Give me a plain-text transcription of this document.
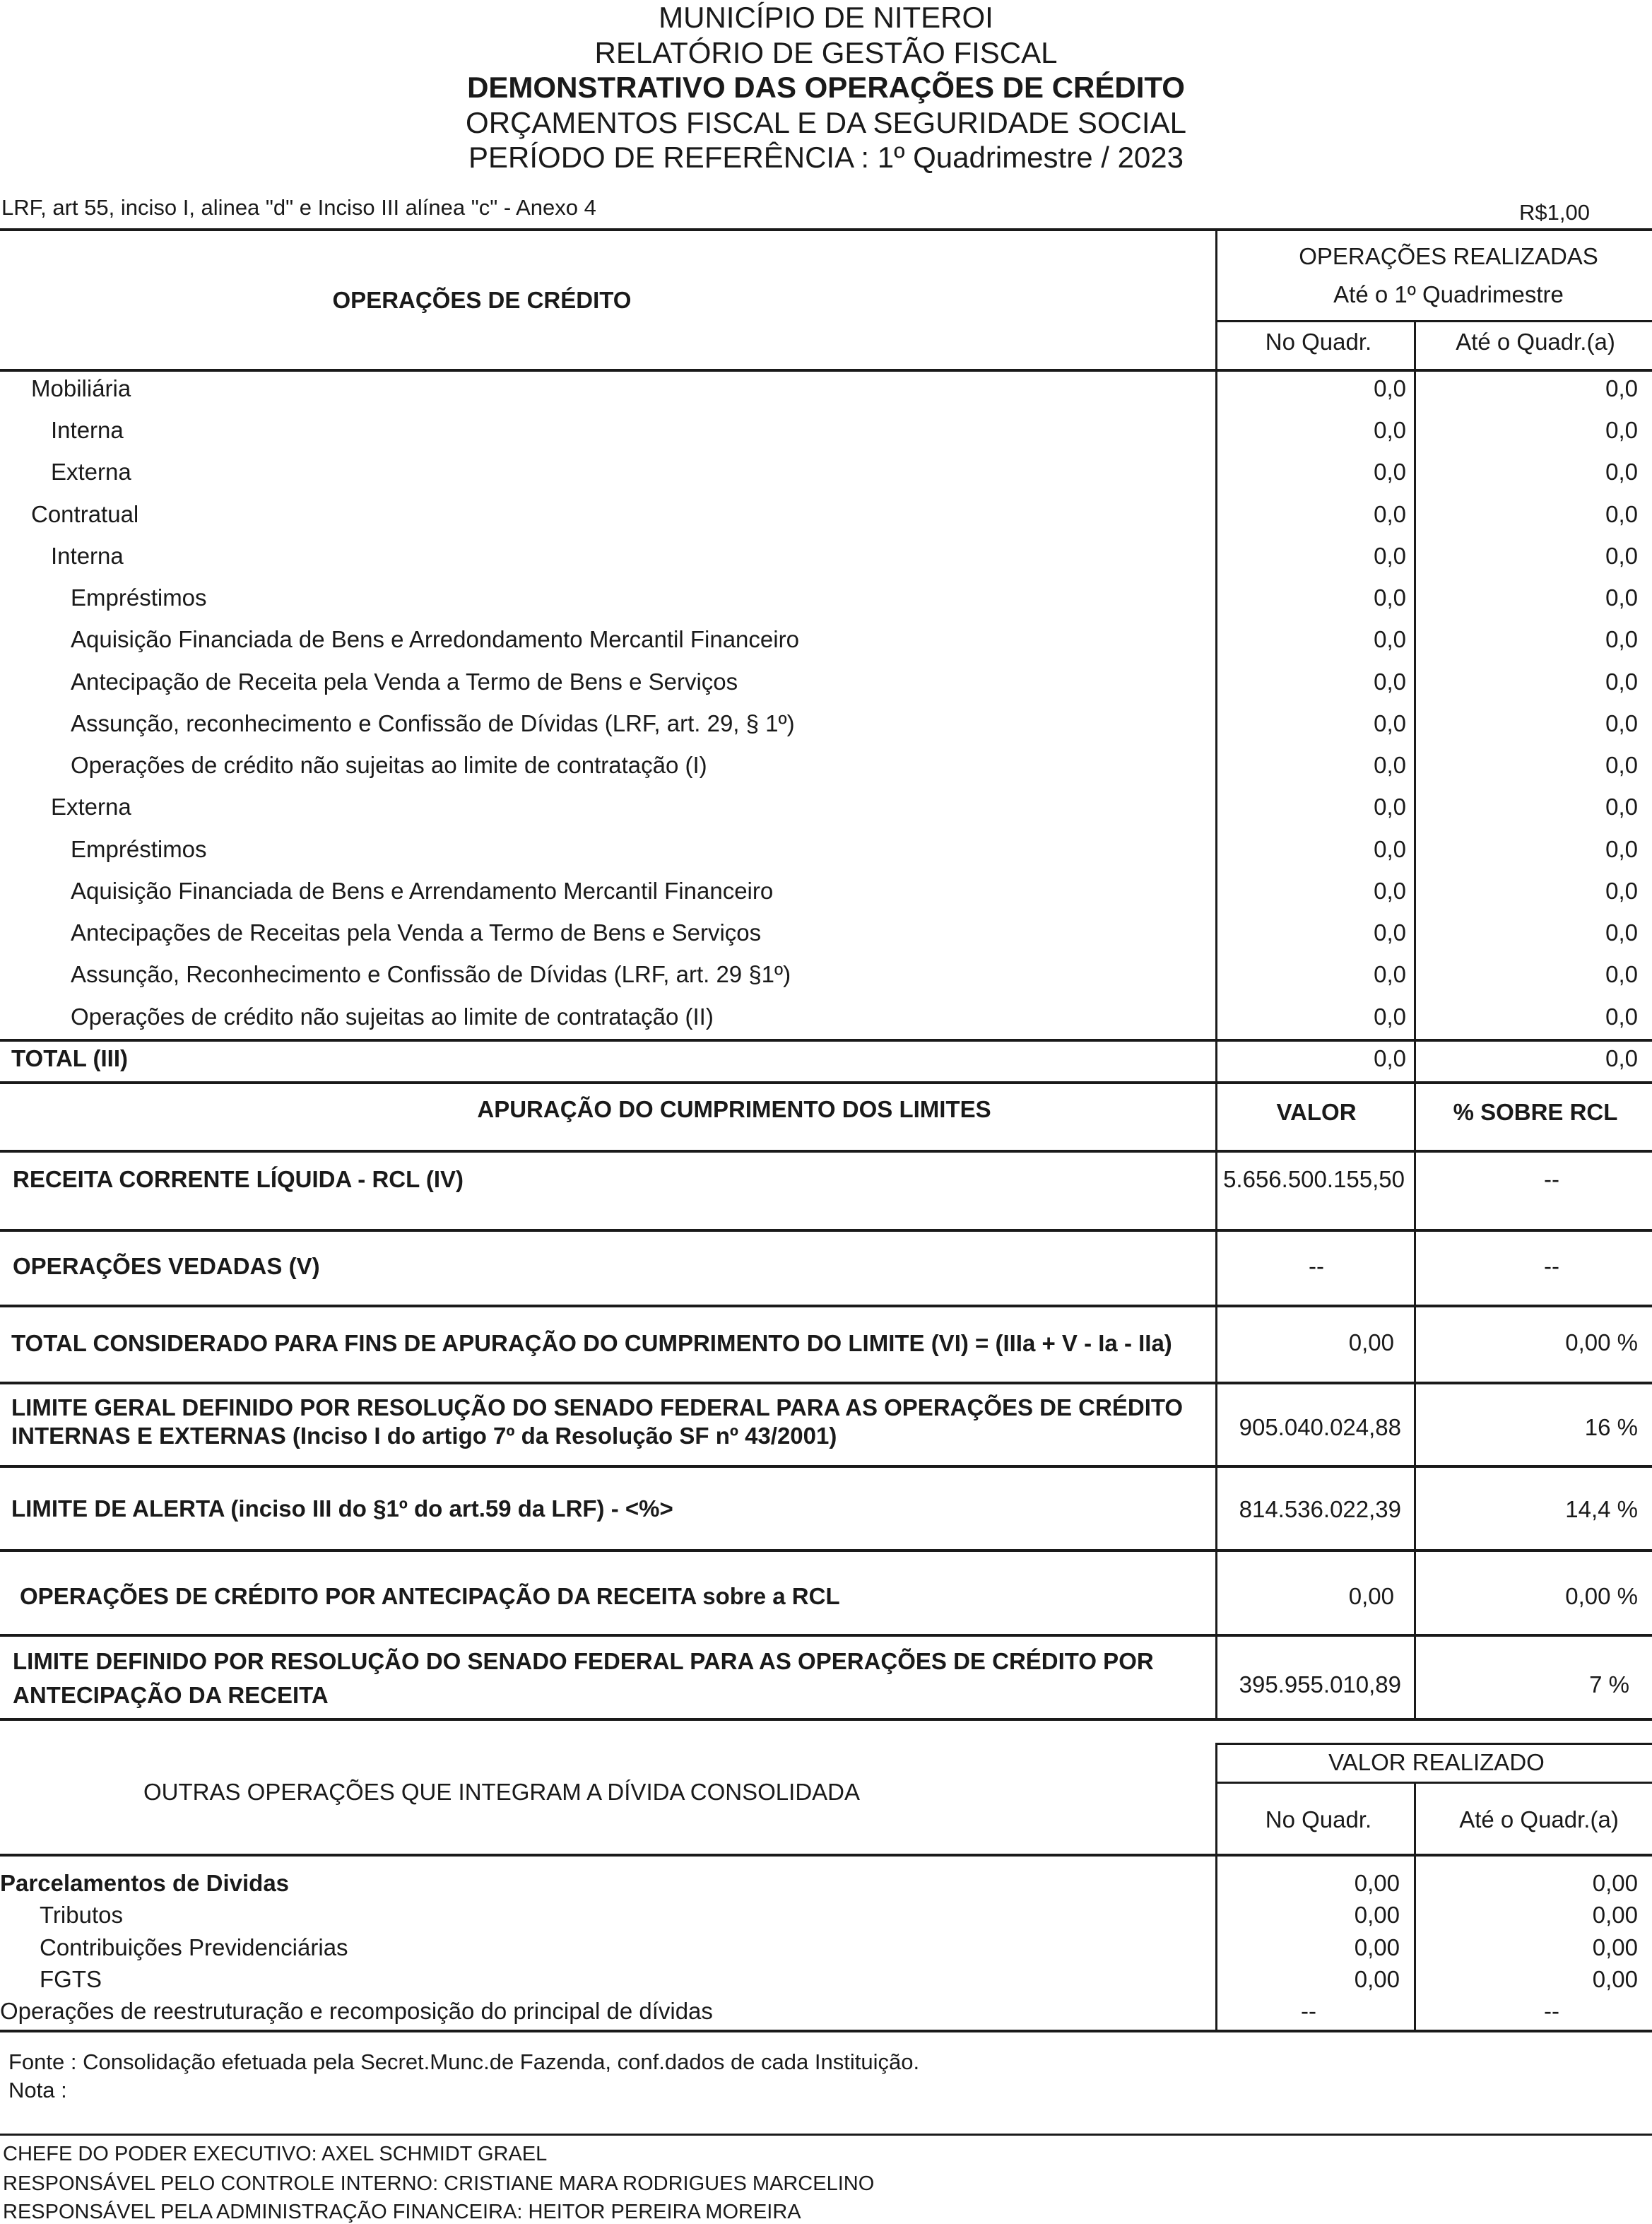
MUNICÍPIO DE NITEROI
RELATÓRIO DE GESTÃO FISCAL
DEMONSTRATIVO DAS OPERAÇÕES DE CRÉDITO
ORÇAMENTOS FISCAL E DA SEGURIDADE SOCIAL
PERÍODO DE REFERÊNCIA : 1º Quadrimestre / 2023
LRF, art 55, inciso I, alinea "d" e Inciso III alínea "c" - Anexo 4	R$1,00
OPERAÇÕES DE CRÉDITO
OPERAÇÕES REALIZADAS
Até o 1º Quadrimestre
No Quadr.	Até o Quadr.(a)
Mobiliária	0,0	0,0
Interna	0,0	0,0
Externa	0,0	0,0
Contratual	0,0	0,0
Interna	0,0	0,0
Empréstimos	0,0	0,0
Aquisição Financiada de Bens e Arredondamento Mercantil Financeiro	0,0	0,0
Antecipação de Receita pela Venda a Termo de Bens e Serviços	0,0	0,0
Assunção, reconhecimento e Confissão de Dívidas (LRF, art. 29, § 1º)	0,0	0,0
Operações de crédito não sujeitas ao limite de contratação (I)	0,0	0,0
Externa	0,0	0,0
Empréstimos	0,0	0,0
Aquisição Financiada de Bens e Arrendamento Mercantil Financeiro	0,0	0,0
Antecipações de Receitas pela Venda a Termo de Bens e Serviços	0,0	0,0
Assunção, Reconhecimento e Confissão de Dívidas (LRF, art. 29 §1º)	0,0	0,0
Operações de crédito não sujeitas ao limite de contratação (II)	0,0	0,0
TOTAL (III)	0,0	0,0
APURAÇÃO DO CUMPRIMENTO DOS LIMITES	VALOR	% SOBRE RCL
RECEITA CORRENTE LÍQUIDA - RCL (IV)	5.656.500.155,50	--
OPERAÇÕES VEDADAS (V)	--	--
TOTAL CONSIDERADO PARA FINS DE APURAÇÃO DO CUMPRIMENTO DO LIMITE (VI) = (IIIa + V - Ia - IIa)	0,00	0,00 %
LIMITE GERAL DEFINIDO POR RESOLUÇÃO DO SENADO FEDERAL PARA AS OPERAÇÕES DE CRÉDITO
INTERNAS E EXTERNAS (Inciso I do artigo 7º da Resolução SF nº 43/2001)	905.040.024,88	16 %
LIMITE DE ALERTA (inciso III do §1º do art.59 da LRF) - <%>	814.536.022,39	14,4 %
OPERAÇÕES DE CRÉDITO POR ANTECIPAÇÃO DA RECEITA sobre a RCL	0,00	0,00 %
LIMITE DEFINIDO POR RESOLUÇÃO DO SENADO FEDERAL PARA AS OPERAÇÕES DE CRÉDITO POR
ANTECIPAÇÃO DA RECEITA	395.955.010,89	7 %
VALOR REALIZADO
OUTRAS OPERAÇÕES QUE INTEGRAM A DÍVIDA CONSOLIDADA
No Quadr.	Até o Quadr.(a)
Parcelamentos de Dividas	0,00	0,00
Tributos	0,00	0,00
Contribuições Previdenciárias	0,00	0,00
FGTS	0,00	0,00
Operações de reestruturação e recomposição do principal de dívidas	--	--
Fonte : Consolidação efetuada pela Secret.Munc.de Fazenda, conf.dados de cada Instituição.
Nota :
CHEFE DO PODER EXECUTIVO: AXEL SCHMIDT GRAEL
RESPONSÁVEL PELO CONTROLE INTERNO: CRISTIANE MARA RODRIGUES MARCELINO
RESPONSÁVEL PELA ADMINISTRAÇÃO FINANCEIRA: HEITOR PEREIRA MOREIRA
